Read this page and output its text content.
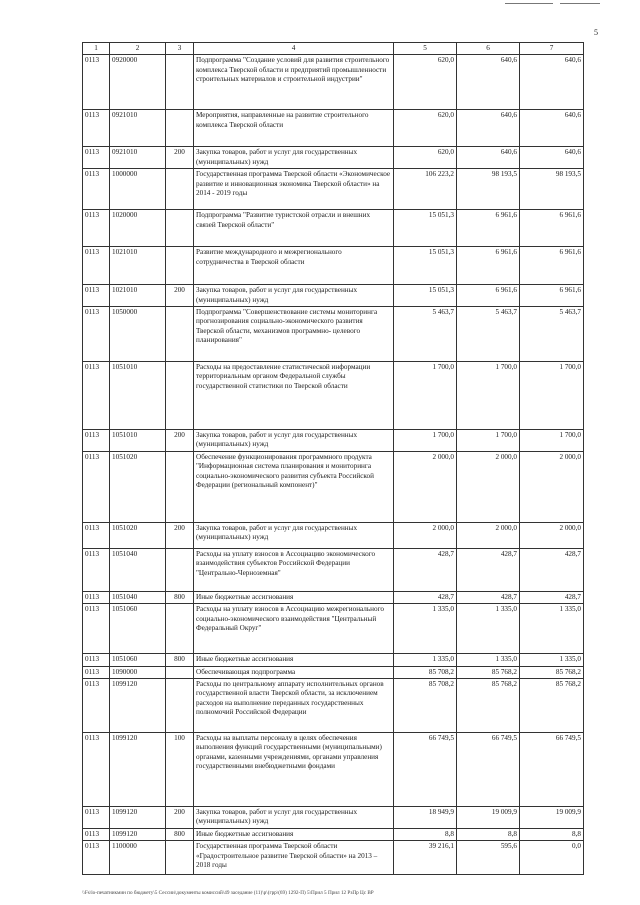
5
1	2	3	4	5	6	7
0113	0920000		Подпрограмма "Создание условий для развития строительного комплекса Тверской области и предприятий промышленности строительных материалов и строительной индустрии"	620,0	640,6	640,6
0113	0921010		Мероприятия, направленные на развитие строительного комплекса Тверской области	620,0	640,6	640,6
0113	0921010	200	Закупка товаров, работ и услуг для государственных (муниципальных) нужд	620,0	640,6	640,6
0113	1000000		Государственная программа Тверской области «Экономическое развитие и инновационная экономика Тверской области» на 2014 - 2019 годы	106 223,2	98 193,5	98 193,5
0113	1020000		Подпрограмма "Развитие туристской отрасли и внешних связей Тверской области"	15 051,3	6 961,6	6 961,6
0113	1021010		Развитие международного и межрегионального сотрудничества в Тверской области	15 051,3	6 961,6	6 961,6
0113	1021010	200	Закупка товаров, работ и услуг для государственных (муниципальных) нужд	15 051,3	6 961,6	6 961,6
0113	1050000		Подпрограмма "Совершенствование системы мониторинга прогнозирования социально-экономического развития Тверской области, механизмов программно- целевого планирования"	5 463,7	5 463,7	5 463,7
0113	1051010		Расходы на предоставление статистической информации территориальным органом Федеральной службы государственной статистики по Тверской области	1 700,0	1 700,0	1 700,0
0113	1051010	200	Закупка товаров, работ и услуг для государственных (муниципальных) нужд	1 700,0	1 700,0	1 700,0
0113	1051020		Обеспечение функционирования программного продукта "Информационная система планирования и мониторинга социально-экономического развития субъекта Российской Федерации (региональный компонент)"	2 000,0	2 000,0	2 000,0
0113	1051020	200	Закупка товаров, работ и услуг для государственных (муниципальных) нужд	2 000,0	2 000,0	2 000,0
0113	1051040		Расходы на уплату взносов в Ассоциацию экономического взаимодействия субъектов Российской Федерации "Центрально-Черноземная"	428,7	428,7	428,7
0113	1051040	800	Иные бюджетные ассигнования	428,7	428,7	428,7
0113	1051060		Расходы на уплату взносов в Ассоциацию межрегионального социально-экономического взаимодействия "Центральный Федеральный Округ"	1 335,0	1 335,0	1 335,0
0113	1051060	800	Иные бюджетные ассигнования	1 335,0	1 335,0	1 335,0
0113	1090000		Обеспечивающая подпрограмма	85 708,2	85 768,2	85 768,2
0113	1099120		Расходы по центральному аппарату исполнительных органов государственной власти Тверской области, за исключением расходов на выполнение переданных государственных полномочий Российской Федерации	85 708,2	85 768,2	85 768,2
0113	1099120	100	Расходы на выплаты персоналу в целях обеспечения выполнения функций государственными (муниципальными) органами, казенными учреждениями, органами управления государственными внебюджетными фондами	66 749,5	66 749,5	66 749,5
0113	1099120	200	Закупка товаров, работ и услуг для государственных (муниципальных) нужд	18 949,9	19 009,9	19 009,9
0113	1099120	800	Иные бюджетные ассигнования	8,8	8,8	8,8
0113	1100000		Государственная программа Тверской области «Градостроительное развитие Тверской области» на 2013 – 2018 годы	39 216,1	595,6	0,0
\\Fs\lo-печатникмин по бюджету\5 Сессии\документы комиссий\49 заседание (11)\p\(грр\(69) 1292-П) 5\Прил 5 Прил 12 РзПр Цс ВР
